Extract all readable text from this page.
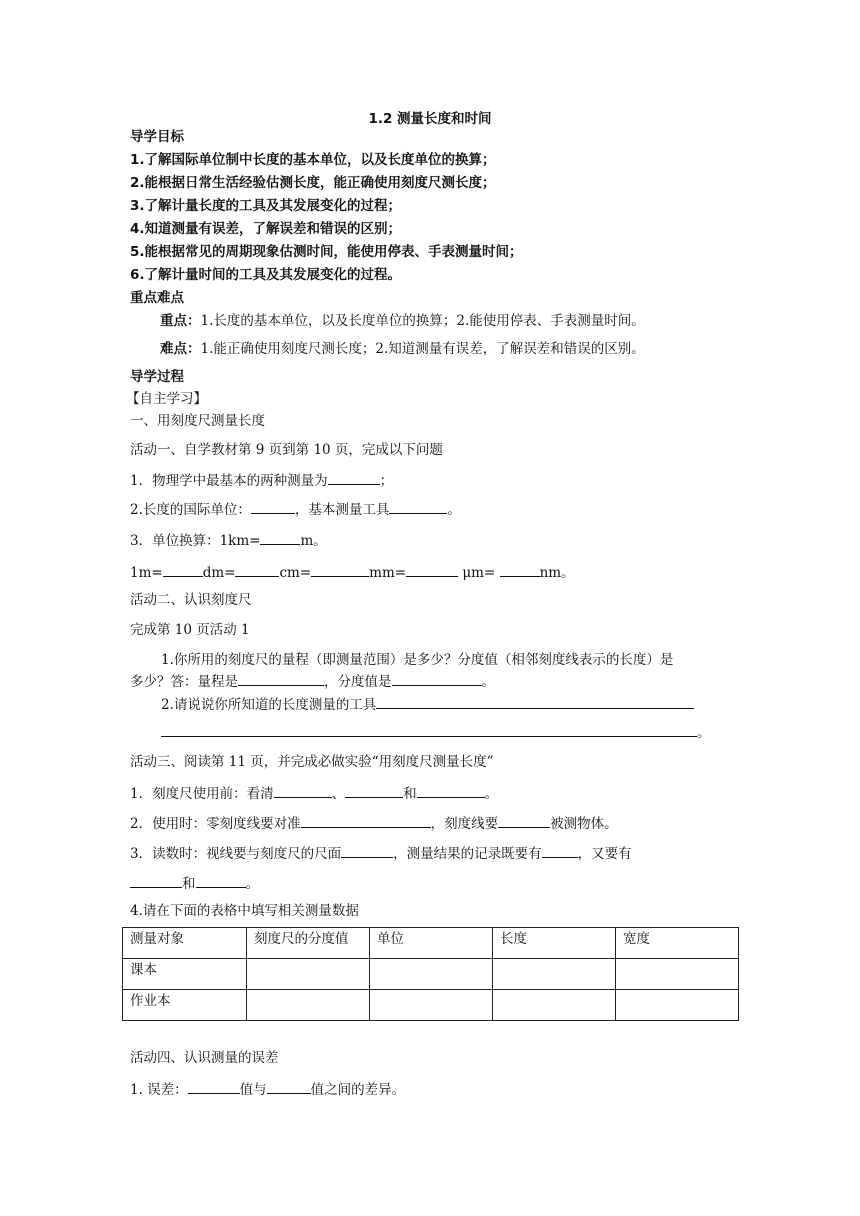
1.2 测量长度和时间
导学目标
1.了解国际单位制中长度的基本单位，以及长度单位的换算；
2.能根据日常生活经验估测长度，能正确使用刻度尺测长度；
3.了解计量长度的工具及其发展变化的过程；
4.知道测量有误差，了解误差和错误的区别；
5.能根据常见的周期现象估测时间，能使用停表、手表测量时间；
6.了解计量时间的工具及其发展变化的过程。
重点难点
重点：1.长度的基本单位，以及长度单位的换算；2.能使用停表、手表测量时间。
难点：1.能正确使用刻度尺测长度；2.知道测量有误差，了解误差和错误的区别。
导学过程
【自主学习】
一、用刻度尺测量长度
活动一、自学教材第 9 页到第 10 页，完成以下问题
1．物理学中最基本的两种测量为	；
2.长度的国际单位：	，基本测量工具	。
3．单位换算：1km=	m。
1m=	dm=	cm=	mm=	μm=	nm。
活动二、认识刻度尺
完成第 10 页活动 1
1.你所用的刻度尺的量程（即测量范围）是多少？分度值（相邻刻度线表示的长度）是
多少？答：量程是	，分度值是	。
2.请说说你所知道的长度测量的工具
。
活动三、阅读第 11 页，并完成必做实验“用刻度尺测量长度”
1．刻度尺使用前：看清	、	和	。
2．使用时：零刻度线要对准	，刻度线要	被测物体。
3．读数时：视线要与刻度尺的尺面	，测量结果的记录既要有	，又要有
和	。
4.请在下面的表格中填写相关测量数据
测量对象	刻度尺的分度值	单位	长度	宽度
课本				
作业本				
活动四、认识测量的误差
1. 误差：	值与	值之间的差异。
